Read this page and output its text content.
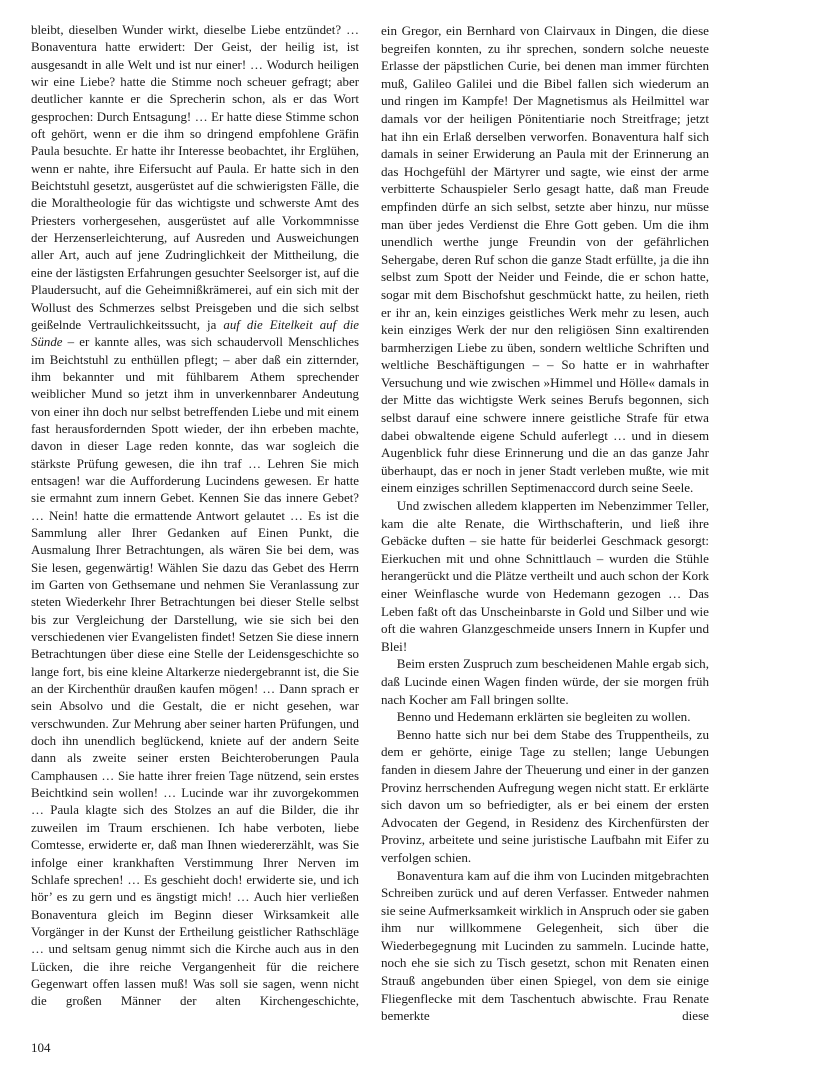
bleibt, dieselben Wunder wirkt, dieselbe Liebe entzündet? … Bonaventura hatte erwidert: Der Geist, der heilig ist, ist ausgesandt in alle Welt und ist nur einer! … Wodurch heiligen wir eine Liebe? hatte die Stimme noch scheuer gefragt; aber deutlicher kannte er die Sprecherin schon, als er das Wort gesprochen: Durch Entsagung! … Er hatte diese Stimme schon oft gehört, wenn er die ihm so dringend empfohlene Gräfin Paula besuchte. Er hatte ihr Interesse beobachtet, ihr Erglühen, wenn er nahte, ihre Eifersucht auf Paula. Er hatte sich in den Beichtstuhl gesetzt, ausgerüstet auf die schwierigsten Fälle, die die Moraltheologie für das wichtigste und schwerste Amt des Priesters vorhergesehen, ausgerüstet auf alle Vorkommnisse der Herzenserleichterung, auf Ausreden und Ausweichungen aller Art, auch auf jene Zudringlichkeit der Mittheilung, die eine der lästigsten Erfahrungen gesuchter Seelsorger ist, auf die Plaudersucht, auf die Geheimnißkrämerei, auf ein sich mit der Wollust des Schmerzes selbst Preisgeben und die sich selbst geißelnde Vertraulichkeitssucht, ja auf die Eitelkeit auf die Sünde – er kannte alles, was sich schaudervoll Menschliches im Beichtstuhl zu enthüllen pflegt; – aber daß ein zitternder, ihm bekannter und mit fühlbarem Athem sprechender weiblicher Mund so jetzt ihm in unverkennbarer Andeutung von einer ihn doch nur selbst betreffenden Liebe und mit einem fast herausfordernden Spott wieder, der ihn erbeben machte, davon in dieser Lage reden konnte, das war sogleich die stärkste Prüfung gewesen, die ihn traf … Lehren Sie mich entsagen! war die Aufforderung Lucindens gewesen. Er hatte sie ermahnt zum innern Gebet. Kennen Sie das innere Gebet? … Nein! hatte die ermattende Antwort gelautet … Es ist die Sammlung aller Ihrer Gedanken auf Einen Punkt, die Ausmalung Ihrer Betrachtungen, als wären Sie bei dem, was Sie lesen, gegenwärtig! Wählen Sie dazu das Gebet des Herrn im Garten von Gethsemane und nehmen Sie Veranlassung zur steten Wiederkehr Ihrer Betrachtungen bei dieser Stelle selbst bis zur Vergleichung der Darstellung, wie sie sich bei den verschiedenen vier Evangelisten findet! Setzen Sie diese innern Betrachtungen über diese eine Stelle der Leidensgeschichte so lange fort, bis eine kleine Altarkerze niedergebrannt ist, die Sie an der Kirchenthür draußen kaufen mögen! … Dann sprach er sein Absolvo und die Gestalt, die er nicht gesehen, war verschwunden. Zur Mehrung aber seiner harten Prüfungen, und doch ihn unendlich beglückend, kniete auf der andern Seite dann als zweite seiner ersten Beichteroberungen Paula Camphausen … Sie hatte ihrer freien Tage nützend, sein erstes Beichtkind sein wollen! … Lucinde war ihr zuvorgekommen … Paula klagte sich des Stolzes an auf die Bilder, die ihr zuweilen im Traum erschienen. Ich habe verboten, liebe Comtesse, erwiderte er, daß man Ihnen wiedererzählt, was Sie infolge einer krankhaften Verstimmung Ihrer Nerven im Schlafe sprechen! … Es geschieht doch! erwiderte sie, und ich hör’ es zu gern und es ängstigt mich! … Auch hier verließen Bonaventura gleich im Beginn dieser Wirksamkeit alle Vorgänger in der Kunst der Ertheilung geistlicher Rathschläge … und seltsam genug nimmt sich die Kirche auch aus in den Lücken, die ihre reiche Vergangenheit für die reichere Gegenwart offen lassen muß! Was soll sie sagen, wenn nicht die großen Männer der alten Kirchengeschichte,

ein Gregor, ein Bernhard von Clairvaux in Dingen, die diese begreifen konnten, zu ihr sprechen, sondern solche neueste Erlasse der päpstlichen Curie, bei denen man immer fürchten muß, Galileo Galilei und die Bibel fallen sich wiederum an und ringen im Kampfe! Der Magnetismus als Heilmittel war damals vor der heiligen Pönitentiarie noch Streitfrage; jetzt hat ihn ein Erlaß derselben verworfen. Bonaventura half sich damals in seiner Erwiderung an Paula mit der Erinnerung an das Hochgefühl der Märtyrer und sagte, wie einst der arme verbitterte Schauspieler Serlo gesagt hatte, daß man Freude empfinden dürfe an sich selbst, setzte aber hinzu, nur müsse man über jedes Verdienst die Ehre Gott geben. Um die ihm unendlich werthe junge Freundin von der gefährlichen Sehergabe, deren Ruf schon die ganze Stadt erfüllte, ja die ihn selbst zum Spott der Neider und Feinde, die er schon hatte, sogar mit dem Bischofshut geschmückt hatte, zu heilen, rieth er ihr an, kein einziges geistliches Werk mehr zu lesen, auch kein einziges Werk der nur den religiösen Sinn exaltirenden barmherzigen Liebe zu üben, sondern weltliche Schriften und weltliche Beschäftigungen – – So hatte er in wahrhafter Versuchung und wie zwischen »Himmel und Hölle« damals in der Mitte das wichtigste Werk seines Berufs begonnen, sich selbst darauf eine schwere innere geistliche Strafe für etwa dabei obwaltende eigene Schuld auferlegt … und in diesem Augenblick fuhr diese Erinnerung und die an das ganze Jahr überhaupt, das er noch in jener Stadt verleben mußte, wie mit einem einziges schrillen Septimenaccord durch seine Seele.

Und zwischen alledem klapperten im Nebenzimmer Teller, kam die alte Renate, die Wirthschafterin, und ließ ihre Gebäcke duften – sie hatte für beiderlei Geschmack gesorgt: Eierkuchen mit und ohne Schnittlauch – wurden die Stühle herangerückt und die Plätze vertheilt und auch schon der Kork einer Weinflasche wurde von Hedemann gezogen … Das Leben faßt oft das Unscheinbarste in Gold und Silber und wie oft die wahren Glanzgeschmeide unsers Innern in Kupfer und Blei!

Beim ersten Zuspruch zum bescheidenen Mahle ergab sich, daß Lucinde einen Wagen finden würde, der sie morgen früh nach Kocher am Fall bringen sollte.

Benno und Hedemann erklärten sie begleiten zu wollen.

Benno hatte sich nur bei dem Stabe des Truppentheils, zu dem er gehörte, einige Tage zu stellen; lange Uebungen fanden in diesem Jahre der Theuerung und einer in der ganzen Provinz herrschenden Aufregung wegen nicht statt. Er erklärte sich davon um so befriedigter, als er bei einem der ersten Advocaten der Gegend, in Residenz des Kirchenfürsten der Provinz, arbeitete und seine juristische Laufbahn mit Eifer zu verfolgen schien.

Bonaventura kam auf die ihm von Lucinden mitgebrachten Schreiben zurück und auf deren Verfasser. Entweder nahmen sie seine Aufmerksamkeit wirklich in Anspruch oder sie gaben ihm nur willkommene Gelegenheit, sich über die Wiederbegegnung mit Lucinden zu sammeln. Lucinde hatte, noch ehe sie sich zu Tisch gesetzt, schon mit Renaten einen Strauß angebunden über einen Spiegel, von dem sie einige Fliegenflecke mit dem Taschentuch abwischte. Frau Renate bemerkte diese

104
